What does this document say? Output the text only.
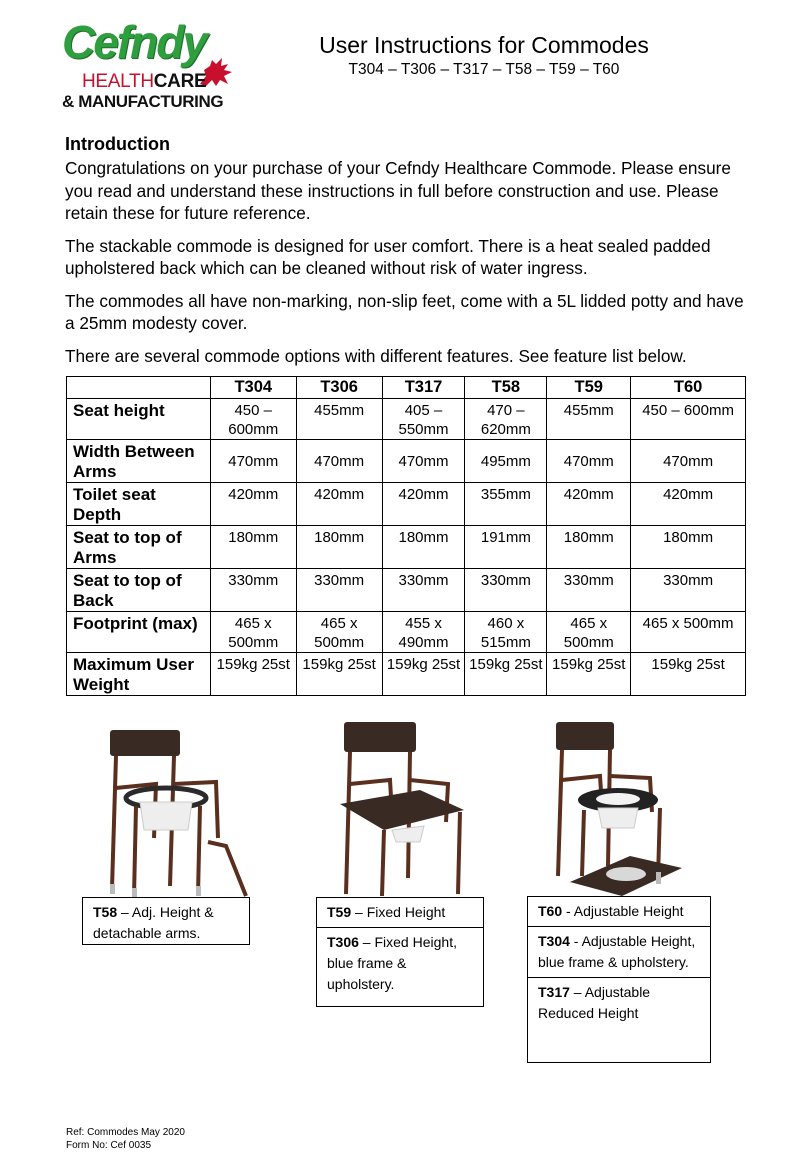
Cefndy
HEALTHCARE
& MANUFACTURING
User Instructions for Commodes
T304 – T306 – T317 – T58 – T59 – T60
Introduction

Congratulations on your purchase of your Cefndy Healthcare Commode. Please ensure you read and understand these instructions in full before construction and use. Please retain these for future reference.

The stackable commode is designed for user comfort. There is a heat sealed padded upholstered back which can be cleaned without risk of water ingress.

The commodes all have non-marking, non-slip feet, come with a 5L lidded potty and have a 25mm modesty cover.

There are several commode options with different features. See feature list below.

	T304	T306	T317	T58	T59	T60
Seat height	450 – 600mm	455mm	405 – 550mm	470 – 620mm	455mm	450 – 600mm
Width Between Arms	470mm	470mm	470mm	495mm	470mm	470mm
Toilet seat Depth	420mm	420mm	420mm	355mm	420mm	420mm
Seat to top of Arms	180mm	180mm	180mm	191mm	180mm	180mm
Seat to top of Back	330mm	330mm	330mm	330mm	330mm	330mm
Footprint (max)	465 x 500mm	465 x 500mm	455 x 490mm	460 x 515mm	465 x 500mm	465 x 500mm
Maximum User Weight	159kg 25st	159kg 25st	159kg 25st	159kg 25st	159kg 25st	159kg 25st
T58 – Adj. Height & detachable arms.
T59 – Fixed Height
T306 – Fixed Height, blue frame & upholstery.
T60 - Adjustable Height
T304 - Adjustable Height, blue frame & upholstery.
T317 – Adjustable Reduced Height
Ref: Commodes May 2020
Form No: Cef 0035
